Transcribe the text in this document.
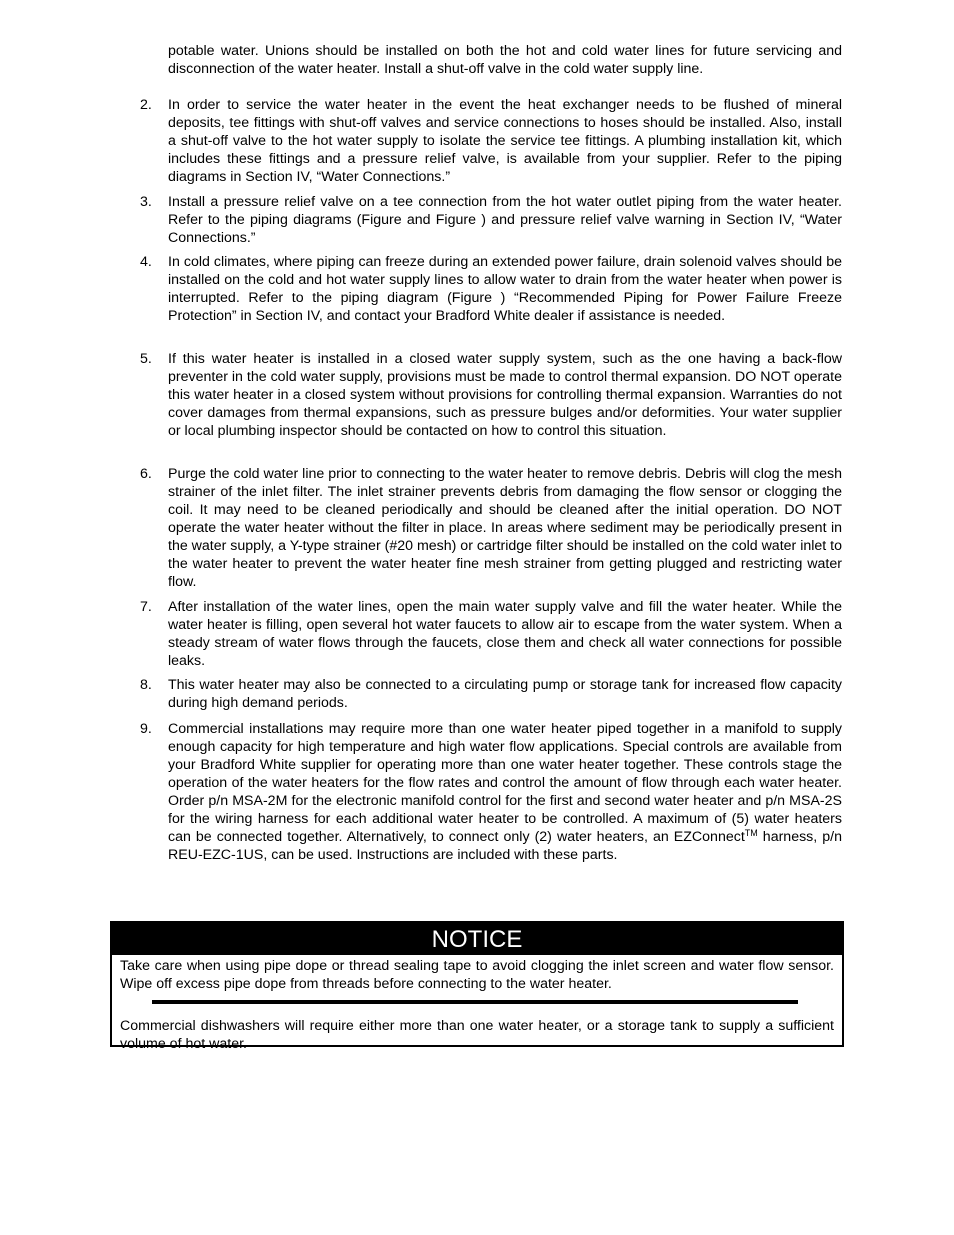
potable water. Unions should be installed on both the hot and cold water lines for future servicing and disconnection of the water heater. Install a shut-off valve in the cold water supply line.

2.	In order to service the water heater in the event the heat exchanger needs to be flushed of mineral deposits, tee fittings with shut-off valves and service connections to hoses should be installed. Also, install a shut-off valve to the hot water supply to isolate the service tee fittings. A plumbing installation kit, which includes these fittings and a pressure relief valve, is available from your supplier. Refer to the piping diagrams in Section IV, “Water Connections.”
3.	Install a pressure relief valve on a tee connection from the hot water outlet piping from the water heater. Refer to the piping diagrams (Figure and Figure ) and pressure relief valve warning in Section IV, “Water Connections.”
4.	In cold climates, where piping can freeze during an extended power failure, drain solenoid valves should be installed on the cold and hot water supply lines to allow water to drain from the water heater when power is interrupted. Refer to the piping diagram (Figure ) “Recommended Piping for Power Failure Freeze Protection” in Section IV, and contact your Bradford White dealer if assistance is needed.
5.	If this water heater is installed in a closed water supply system, such as the one having a back-flow preventer in the cold water supply, provisions must be made to control thermal expansion. DO NOT operate this water heater in a closed system without provisions for controlling thermal expansion. Warranties do not cover damages from thermal expansions, such as pressure bulges and/or deformities. Your water supplier or local plumbing inspector should be contacted on how to control this situation.
6.	Purge the cold water line prior to connecting to the water heater to remove debris. Debris will clog the mesh strainer of the inlet filter. The inlet strainer prevents debris from damaging the flow sensor or clogging the coil. It may need to be cleaned periodically and should be cleaned after the initial operation. DO NOT operate the water heater without the filter in place. In areas where sediment may be periodically present in the water supply, a Y-type strainer (#20 mesh) or cartridge filter should be installed on the cold water inlet to the water heater to prevent the water heater fine mesh strainer from getting plugged and restricting water flow.
7.	After installation of the water lines, open the main water supply valve and fill the water heater. While the water heater is filling, open several hot water faucets to allow air to escape from the water system. When a steady stream of water flows through the faucets, close them and check all water connections for possible leaks.
8.	This water heater may also be connected to a circulating pump or storage tank for increased flow capacity during high demand periods.
9.	Commercial installations may require more than one water heater piped together in a manifold to supply enough capacity for high temperature and high water flow applications. Special controls are available from your Bradford White supplier for operating more than one water heater together. These controls stage the operation of the water heaters for the flow rates and control the amount of flow through each water heater. Order p/n MSA-2M for the electronic manifold control for the first and second water heater and p/n MSA-2S for the wiring harness for each additional water heater to be controlled. A maximum of (5) water heaters can be connected together. Alternatively, to connect only (2) water heaters, an EZConnect™ harness, p/n REU-EZC-1US, can be used. Instructions are included with these parts.
NOTICE

Take care when using pipe dope or thread sealing tape to avoid clogging the inlet screen and water flow sensor. Wipe off excess pipe dope from threads before connecting to the water heater.

Commercial dishwashers will require either more than one water heater, or a storage tank to supply a sufficient volume of hot water.
